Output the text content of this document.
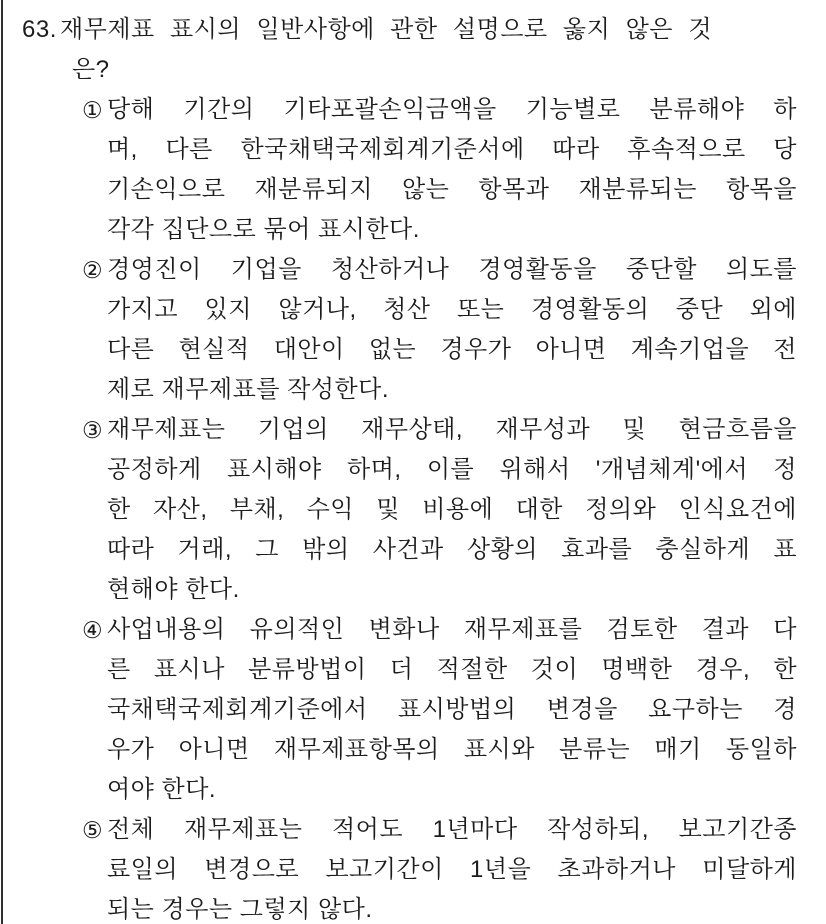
63. 재무제표 표시의 일반사항에 관한 설명으로 옳지 않은 것
은?
① 당해 기간의 기타포괄손익금액을 기능별로 분류해야 하
며, 다른 한국채택국제회계기준서에 따라 후속적으로 당
기손익으로 재분류되지 않는 항목과 재분류되는 항목을
각각 집단으로 묶어 표시한다.
② 경영진이 기업을 청산하거나 경영활동을 중단할 의도를
가지고 있지 않거나, 청산 또는 경영활동의 중단 외에
다른 현실적 대안이 없는 경우가 아니면 계속기업을 전
제로 재무제표를 작성한다.
③ 재무제표는 기업의 재무상태, 재무성과 및 현금흐름을
공정하게 표시해야 하며, 이를 위해서 '개념체계'에서 정
한 자산, 부채, 수익 및 비용에 대한 정의와 인식요건에
따라 거래, 그 밖의 사건과 상황의 효과를 충실하게 표
현해야 한다.
④ 사업내용의 유의적인 변화나 재무제표를 검토한 결과 다
른 표시나 분류방법이 더 적절한 것이 명백한 경우, 한
국채택국제회계기준에서 표시방법의 변경을 요구하는 경
우가 아니면 재무제표항목의 표시와 분류는 매기 동일하
여야 한다.
⑤ 전체 재무제표는 적어도 1년마다 작성하되, 보고기간종
료일의 변경으로 보고기간이 1년을 초과하거나 미달하게
되는 경우는 그렇지 않다.
